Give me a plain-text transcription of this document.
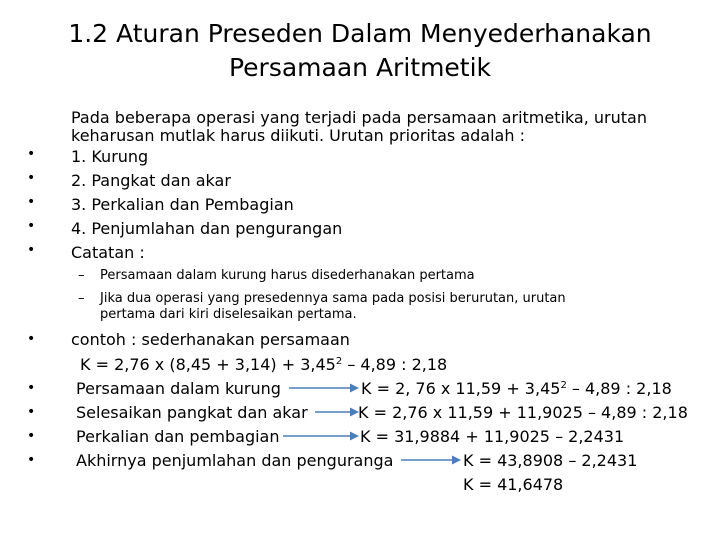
1.2 Aturan Preseden Dalam Menyederhanakan
Persamaan Aritmetik
Pada beberapa operasi yang terjadi pada persamaan aritmetika, urutan
keharusan mutlak harus diikuti. Urutan prioritas adalah :
• 1. Kurung
• 2. Pangkat dan akar
• 3. Perkalian dan Pembagian
• 4. Penjumlahan dan pengurangan
• Catatan :
– Persamaan dalam kurung harus disederhanakan pertama
– Jika dua operasi yang presedennya sama pada posisi berurutan, urutan
pertama dari kiri diselesaikan pertama.
• contoh : sederhanakan persamaan
K = 2,76 x $(8,45 + 3,14) + 3,45^2 - 4,89$ : 2,18
•	Persamaan dalam kurung	K = 2, 76 x $11,59 + 3,45^2 - 4,89$ : 2,18
•	Selesaikan pangkat dan akar	K = 2,76 x 11,59 + 11,9025 – 4,89 : 2,18
•	Perkalian dan pembagian	K = 31,9884 + 11,9025 – 2,2431
•	Akhirnya penjumlahan dan penguranga	K = 43,8908 – 2,2431
K = 41,6478
